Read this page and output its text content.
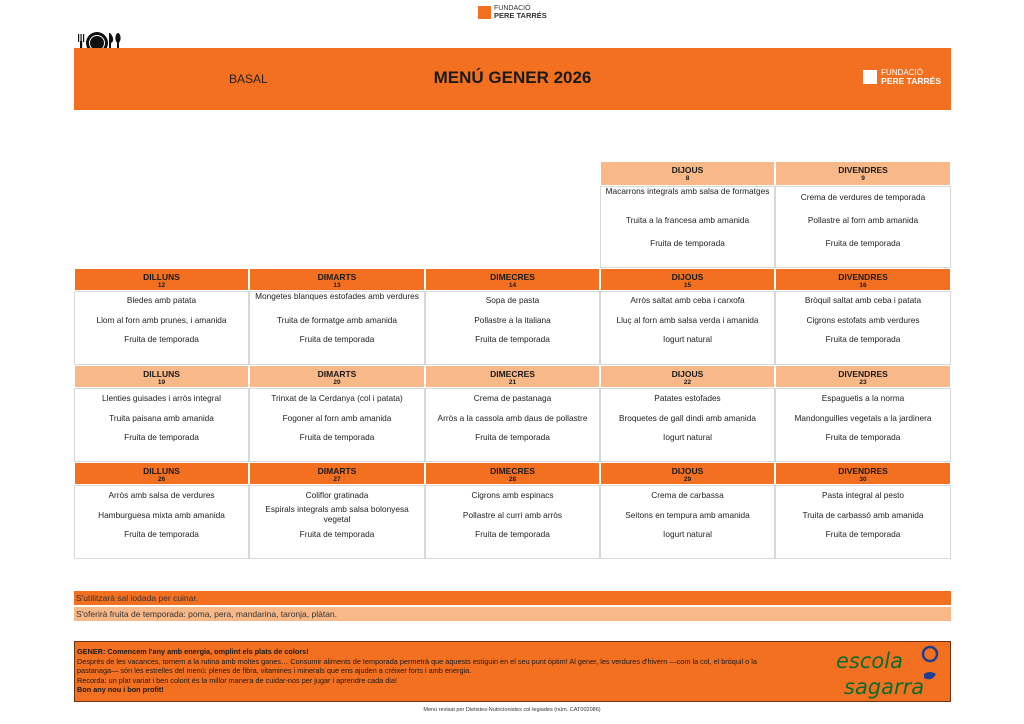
FUNDACIÓ
PERE TARRÉS
BASAL	MENÚ GENER 2026	FUNDACIÓ
PERE TARRÉS
DIJOUS
8
DIVENDRES
9
Macarrons integrals amb salsa de formatges
Truita a la francesa amb amanida
Fruita de temporada
Crema de verdures de temporada
Pollastre al forn amb amanida
Fruita de temporada
DILLUNS
12
DIMARTS
13
DIMECRES
14
DIJOUS
15
DIVENDRES
16
Bledes amb patata
Llom al forn amb prunes, i amanida
Fruita de temporada
Mongetes blanques estofades amb verdures
Truita de formatge amb amanida
Fruita de temporada
Sopa de pasta
Pollastre a la italiana
Fruita de temporada
Arròs saltat amb ceba i carxofa
Lluç al forn amb salsa verda i amanida
Iogurt natural
Bròquil saltat amb ceba i patata
Cigrons estofats amb verdures
Fruita de temporada
DILLUNS
19
DIMARTS
20
DIMECRES
21
DIJOUS
22
DIVENDRES
23
Llenties guisades i arròs integral
Truita paisana amb amanida
Fruita de temporada
Trinxat de la Cerdanya (col i patata)
Fogoner al forn amb amanida
Fruita de temporada
Crema de pastanaga
Arròs a la cassola amb daus de pollastre
Fruita de temporada
Patates estofades
Broquetes de gall dindi amb amanida
Iogurt natural
Espaguetis a la norma
Mandonguilles vegetals a la jardinera
Fruita de temporada
DILLUNS
26
DIMARTS
27
DIMECRES
28
DIJOUS
29
DIVENDRES
30
Arròs amb salsa de verdures
Hamburguesa mixta amb amanida
Fruita de temporada
Coliflor gratinada
Espirals integrals amb salsa bolonyesa vegetal
Fruita de temporada
Cigrons amb espinacs
Pollastre al curri amb arròs
Fruita de temporada
Crema de carbassa
Seitons en tempura amb amanida
Iogurt natural
Pasta integral al pesto
Truita de carbassó amb amanida
Fruita de temporada
S'utilitzarà sal iodada per cuinar.
S'oferirà fruita de temporada: poma, pera, mandarina, taronja, plàtan.
GENER: Comencem l'any amb energia, omplint els plats de colors!
Després de les vacances, tornem a la rutina amb moltes ganes… Consumir aliments de temporada permetrà que aquests estiguin en el seu punt òptim! Al gener, les verdures d'hivern —com la col, el bròquil o la pastanaga— són les estrelles del menú: plenes de fibra, vitamines i minerals que ens ajuden a créixer forts i amb energia.
Recorda: un plat variat i ben colorit és la millor manera de cuidar-nos per jugar i aprendre cada dia!
Bon any nou i bon profit!
escola
sagarra
Menú revisat per Dietistes-Nutricionistes col·legiades (núm. CAT002086)
